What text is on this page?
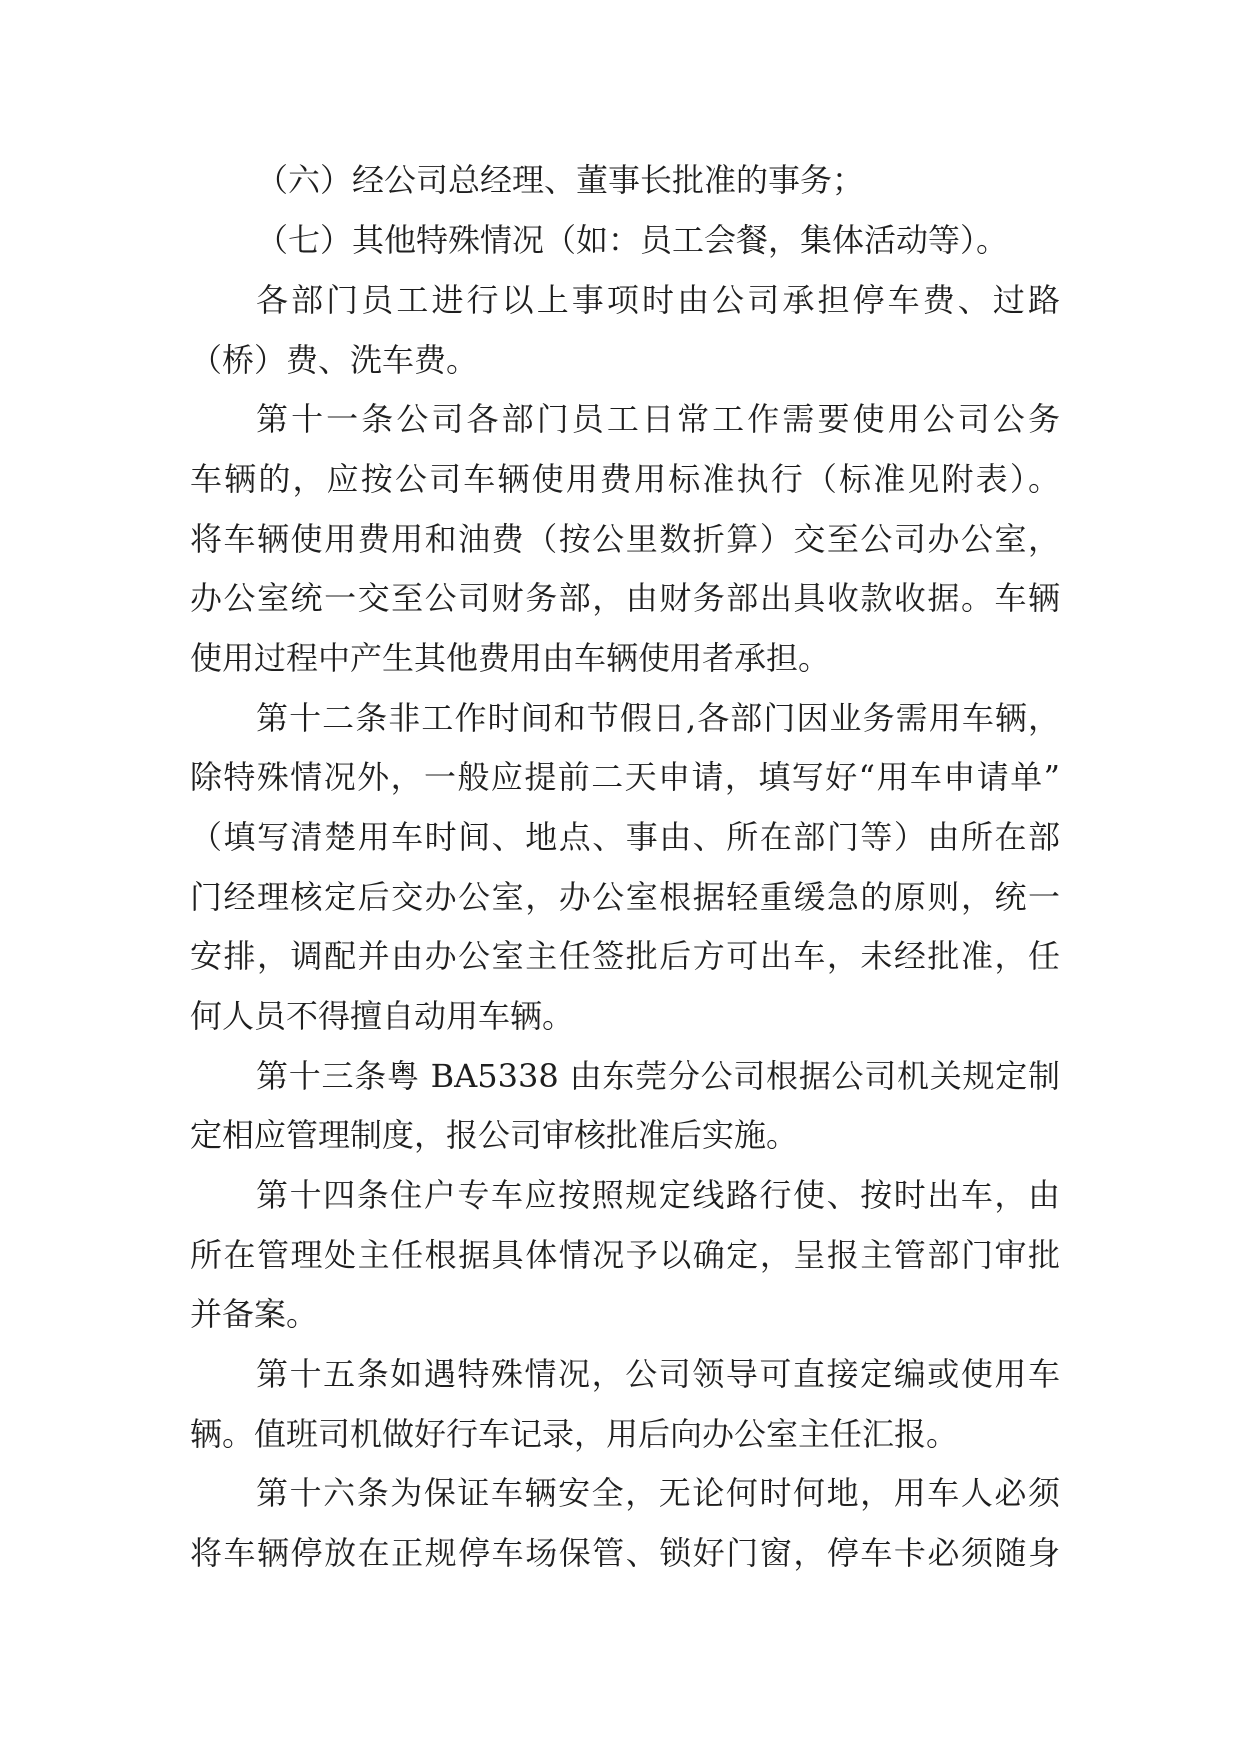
（六）经公司总经理、董事长批准的事务；
（七）其他特殊情况（如：员工会餐，集体活动等）。
各部门员工进行以上事项时由公司承担停车费、过路
（桥）费、洗车费。
第十一条公司各部门员工日常工作需要使用公司公务
车辆的，应按公司车辆使用费用标准执行（标准见附表）。
将车辆使用费用和油费（按公里数折算）交至公司办公室，
办公室统一交至公司财务部，由财务部出具收款收据。车辆
使用过程中产生其他费用由车辆使用者承担。
第十二条非工作时间和节假日,各部门因业务需用车辆，
除特殊情况外，一般应提前二天申请，填写好“用车申请单”
（填写清楚用车时间、地点、事由、所在部门等）由所在部
门经理核定后交办公室，办公室根据轻重缓急的原则，统一
安排，调配并由办公室主任签批后方可出车，未经批准，任
何人员不得擅自动用车辆。
第十三条粤 BA5338 由东莞分公司根据公司机关规定制
定相应管理制度，报公司审核批准后实施。
第十四条住户专车应按照规定线路行使、按时出车，由
所在管理处主任根据具体情况予以确定，呈报主管部门审批
并备案。
第十五条如遇特殊情况，公司领导可直接定编或使用车
辆。值班司机做好行车记录，用后向办公室主任汇报。
第十六条为保证车辆安全，无论何时何地，用车人必须
将车辆停放在正规停车场保管、锁好门窗，停车卡必须随身
